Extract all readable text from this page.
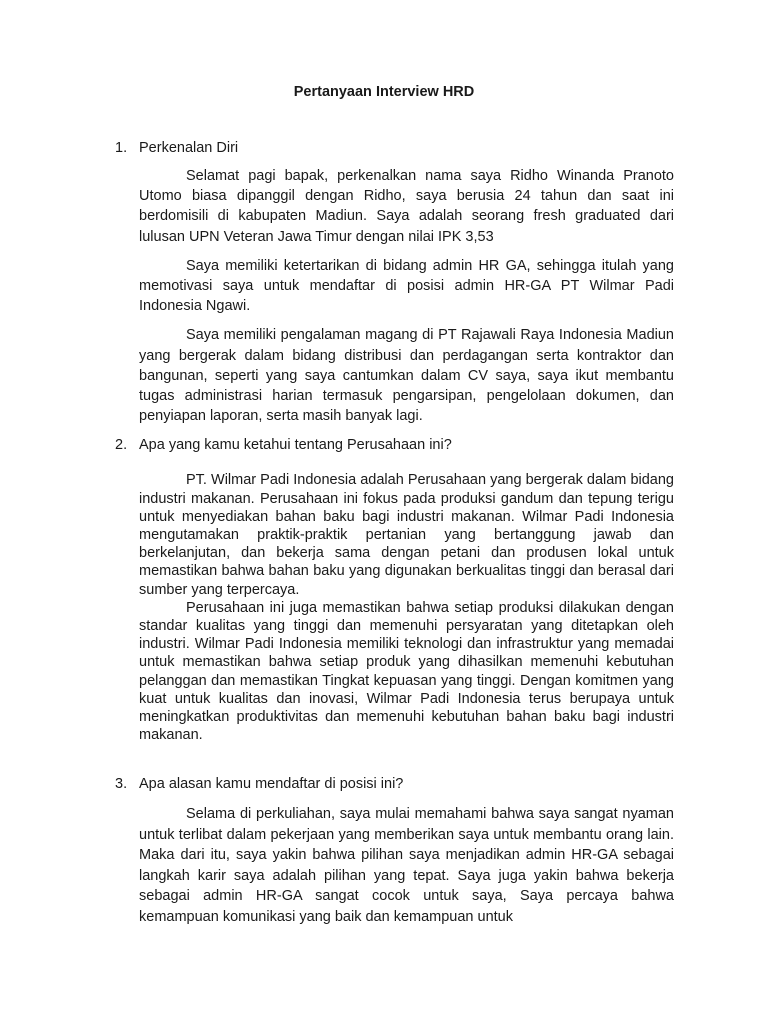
Pertanyaan Interview HRD
1. Perkenalan Diri

Selamat pagi bapak, perkenalkan nama saya Ridho Winanda Pranoto Utomo biasa dipanggil dengan Ridho, saya berusia 24 tahun dan saat ini berdomisili di kabupaten Madiun. Saya adalah seorang fresh graduated dari lulusan UPN Veteran Jawa Timur dengan nilai IPK 3,53

Saya memiliki ketertarikan di bidang admin HR GA, sehingga itulah yang memotivasi saya untuk mendaftar di posisi admin HR-GA PT Wilmar Padi Indonesia Ngawi.

Saya memiliki pengalaman magang di PT Rajawali Raya Indonesia Madiun yang bergerak dalam bidang distribusi dan perdagangan serta kontraktor dan bangunan, seperti yang saya cantumkan dalam CV saya, saya ikut membantu tugas administrasi harian termasuk pengarsipan, pengelolaan dokumen, dan penyiapan laporan, serta masih banyak lagi.

2. Apa yang kamu ketahui tentang Perusahaan ini?

PT. Wilmar Padi Indonesia adalah Perusahaan yang bergerak dalam bidang industri makanan. Perusahaan ini fokus pada produksi gandum dan tepung terigu untuk menyediakan bahan baku bagi industri makanan. Wilmar Padi Indonesia mengutamakan praktik-praktik pertanian yang bertanggung jawab dan berkelanjutan, dan bekerja sama dengan petani dan produsen lokal untuk memastikan bahwa bahan baku yang digunakan berkualitas tinggi dan berasal dari sumber yang terpercaya.

Perusahaan ini juga memastikan bahwa setiap produksi dilakukan dengan standar kualitas yang tinggi dan memenuhi persyaratan yang ditetapkan oleh industri. Wilmar Padi Indonesia memiliki teknologi dan infrastruktur yang memadai untuk memastikan bahwa setiap produk yang dihasilkan memenuhi kebutuhan pelanggan dan memastikan Tingkat kepuasan yang tinggi. Dengan komitmen yang kuat untuk kualitas dan inovasi, Wilmar Padi Indonesia terus berupaya untuk meningkatkan produktivitas dan memenuhi kebutuhan bahan baku bagi industri makanan.

3. Apa alasan kamu mendaftar di posisi ini?

Selama di perkuliahan, saya mulai memahami bahwa saya sangat nyaman untuk terlibat dalam pekerjaan yang memberikan saya untuk membantu orang lain. Maka dari itu, saya yakin bahwa pilihan saya menjadikan admin HR-GA sebagai langkah karir saya adalah pilihan yang tepat. Saya juga yakin bahwa bekerja sebagai admin HR-GA sangat cocok untuk saya, Saya percaya bahwa kemampuan komunikasi yang baik dan kemampuan untuk
